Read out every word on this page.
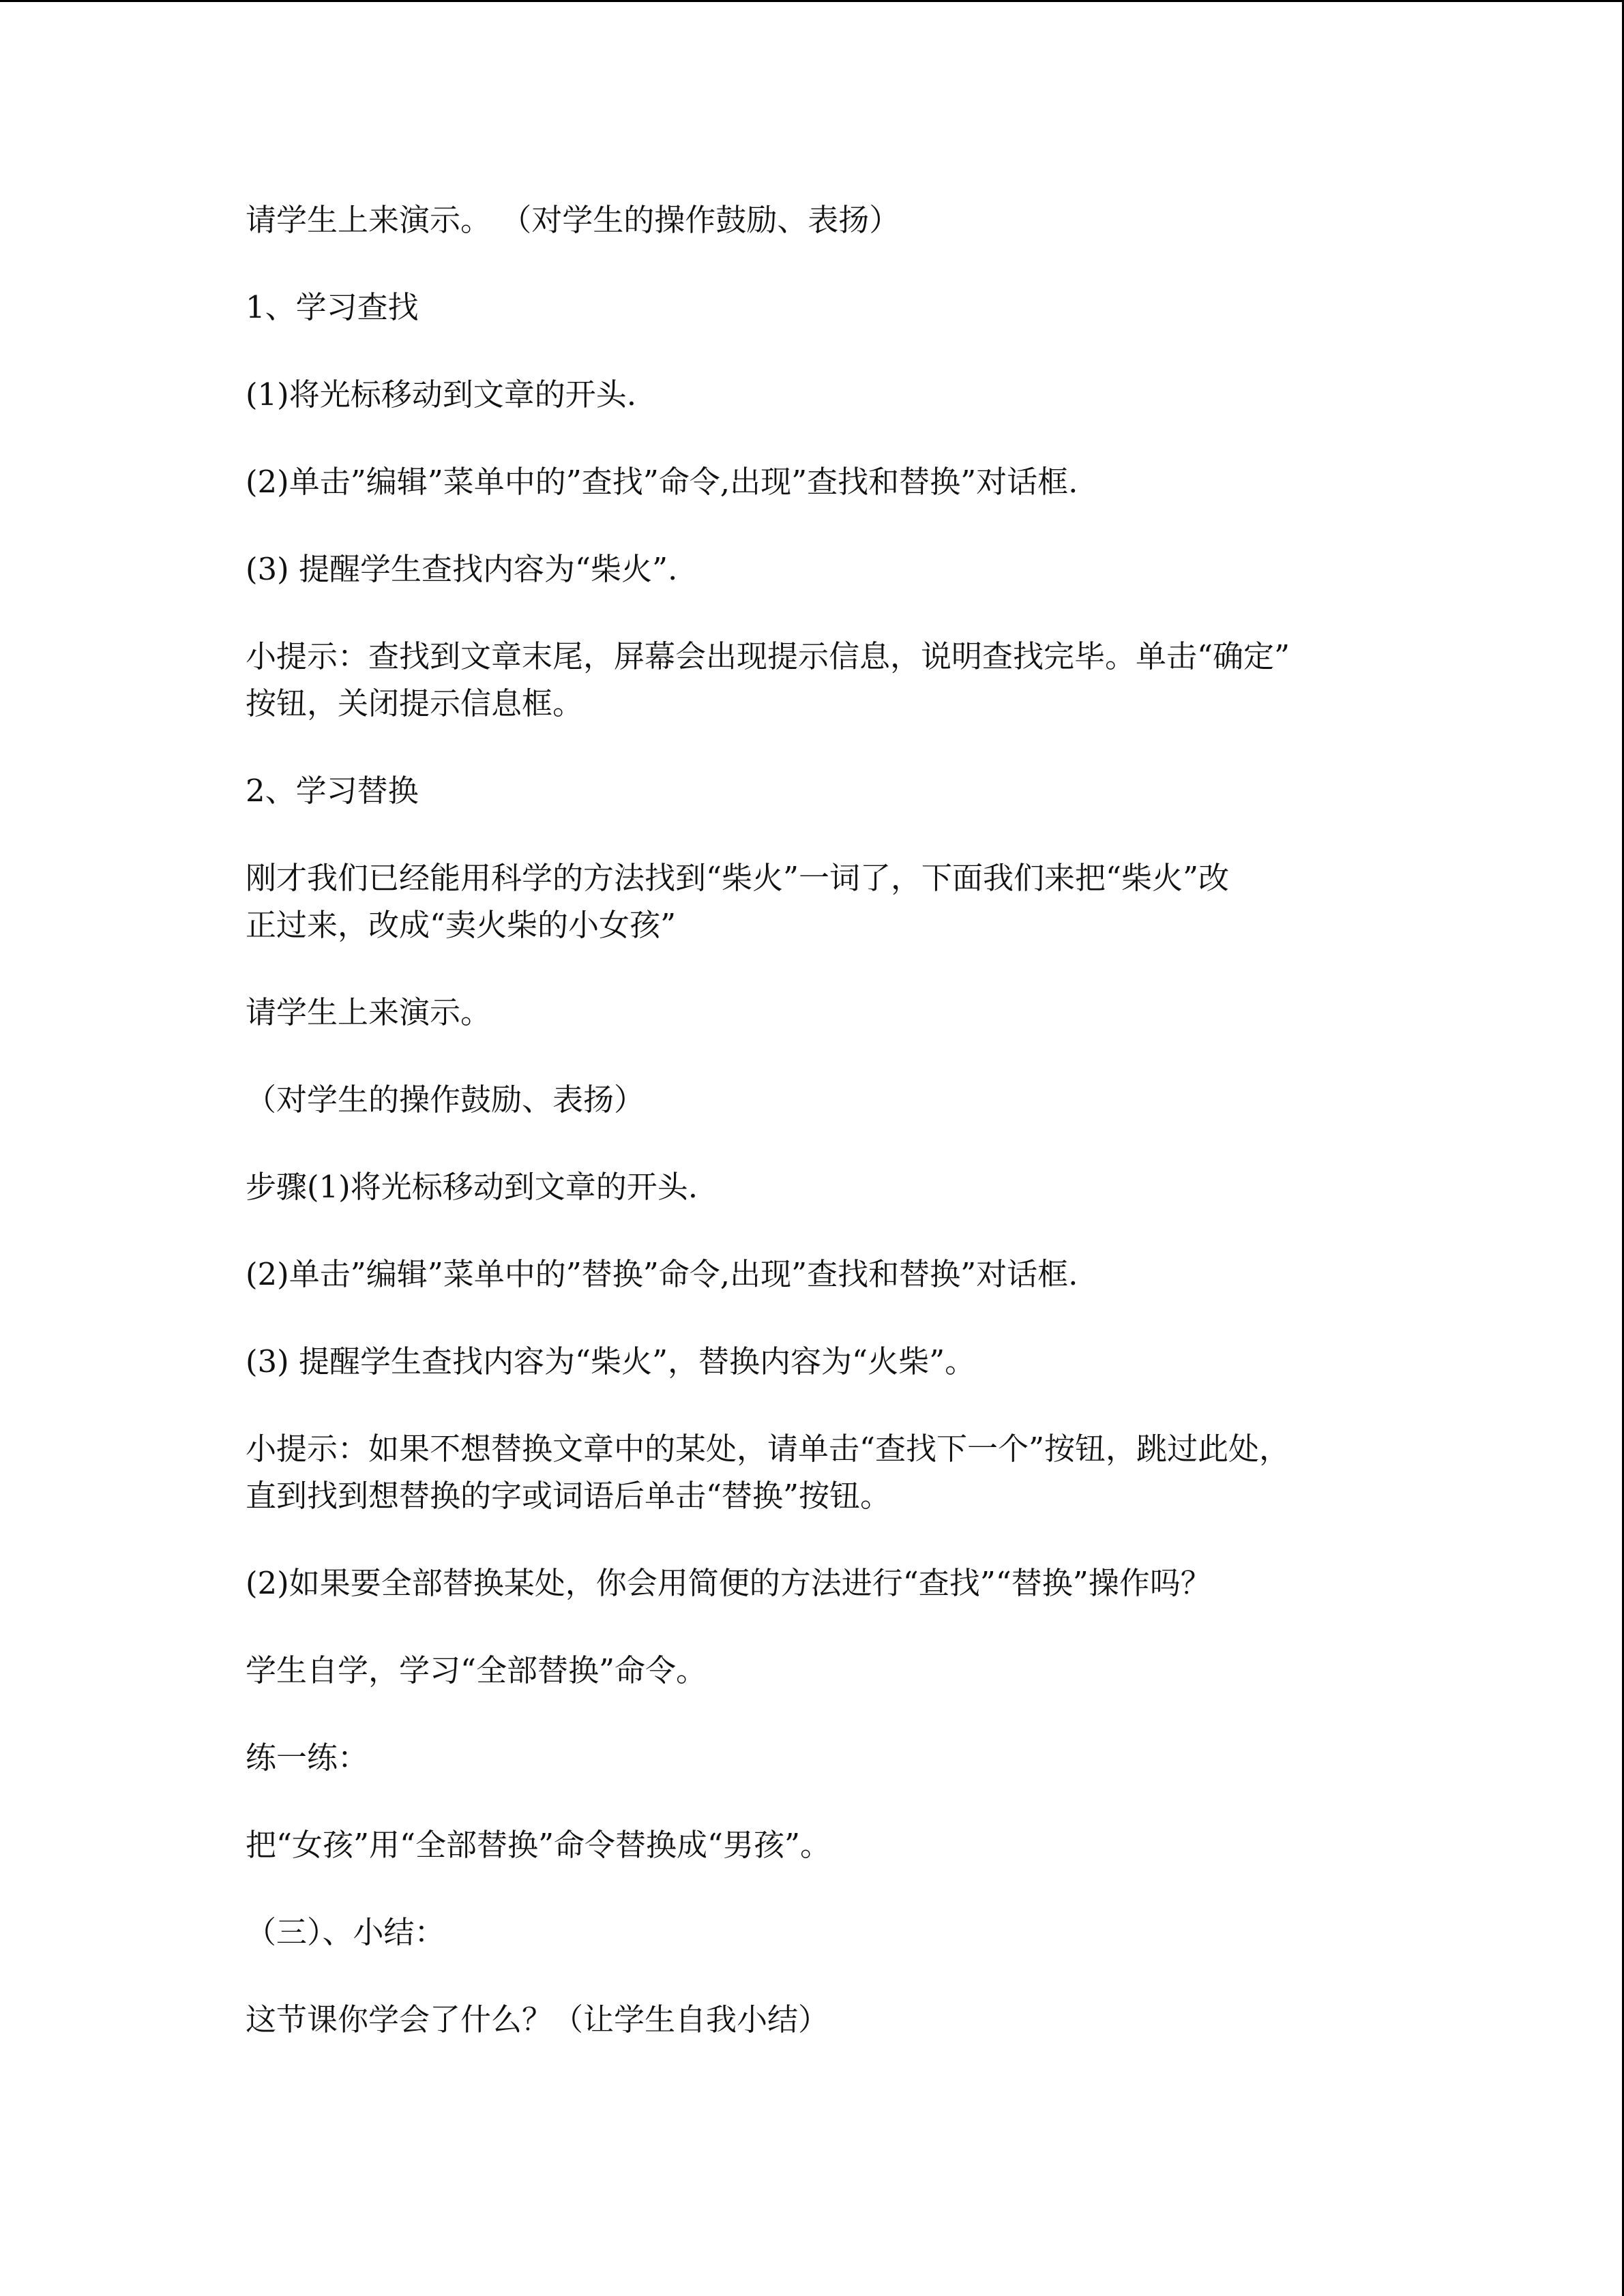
请学生上来演示。 （对学生的操作鼓励、表扬）

1、学习查找

(1)将光标移动到文章的开头.

(2)单击”编辑”菜单中的”查找”命令,出现”查找和替换”对话框.

(3) 提醒学生查找内容为“柴火”.

小提示：查找到文章末尾，屏幕会出现提示信息，说明查找完毕。单击“确定”
按钮，关闭提示信息框。

2、学习替换

刚才我们已经能用科学的方法找到“柴火”一词了，下面我们来把“柴火”改
正过来，改成“卖火柴的小女孩”

请学生上来演示。

（对学生的操作鼓励、表扬）

步骤(1)将光标移动到文章的开头.

(2)单击”编辑”菜单中的”替换”命令,出现”查找和替换”对话框.

(3) 提醒学生查找内容为“柴火”，替换内容为“火柴”。

小提示：如果不想替换文章中的某处，请单击“查找下一个”按钮，跳过此处，
直到找到想替换的字或词语后单击“替换”按钮。

(2)如果要全部替换某处，你会用简便的方法进行“查找”“替换”操作吗？

学生自学，学习“全部替换”命令。

练一练：

把“女孩”用“全部替换”命令替换成“男孩”。

（三）、小结：

这节课你学会了什么？（让学生自我小结）
